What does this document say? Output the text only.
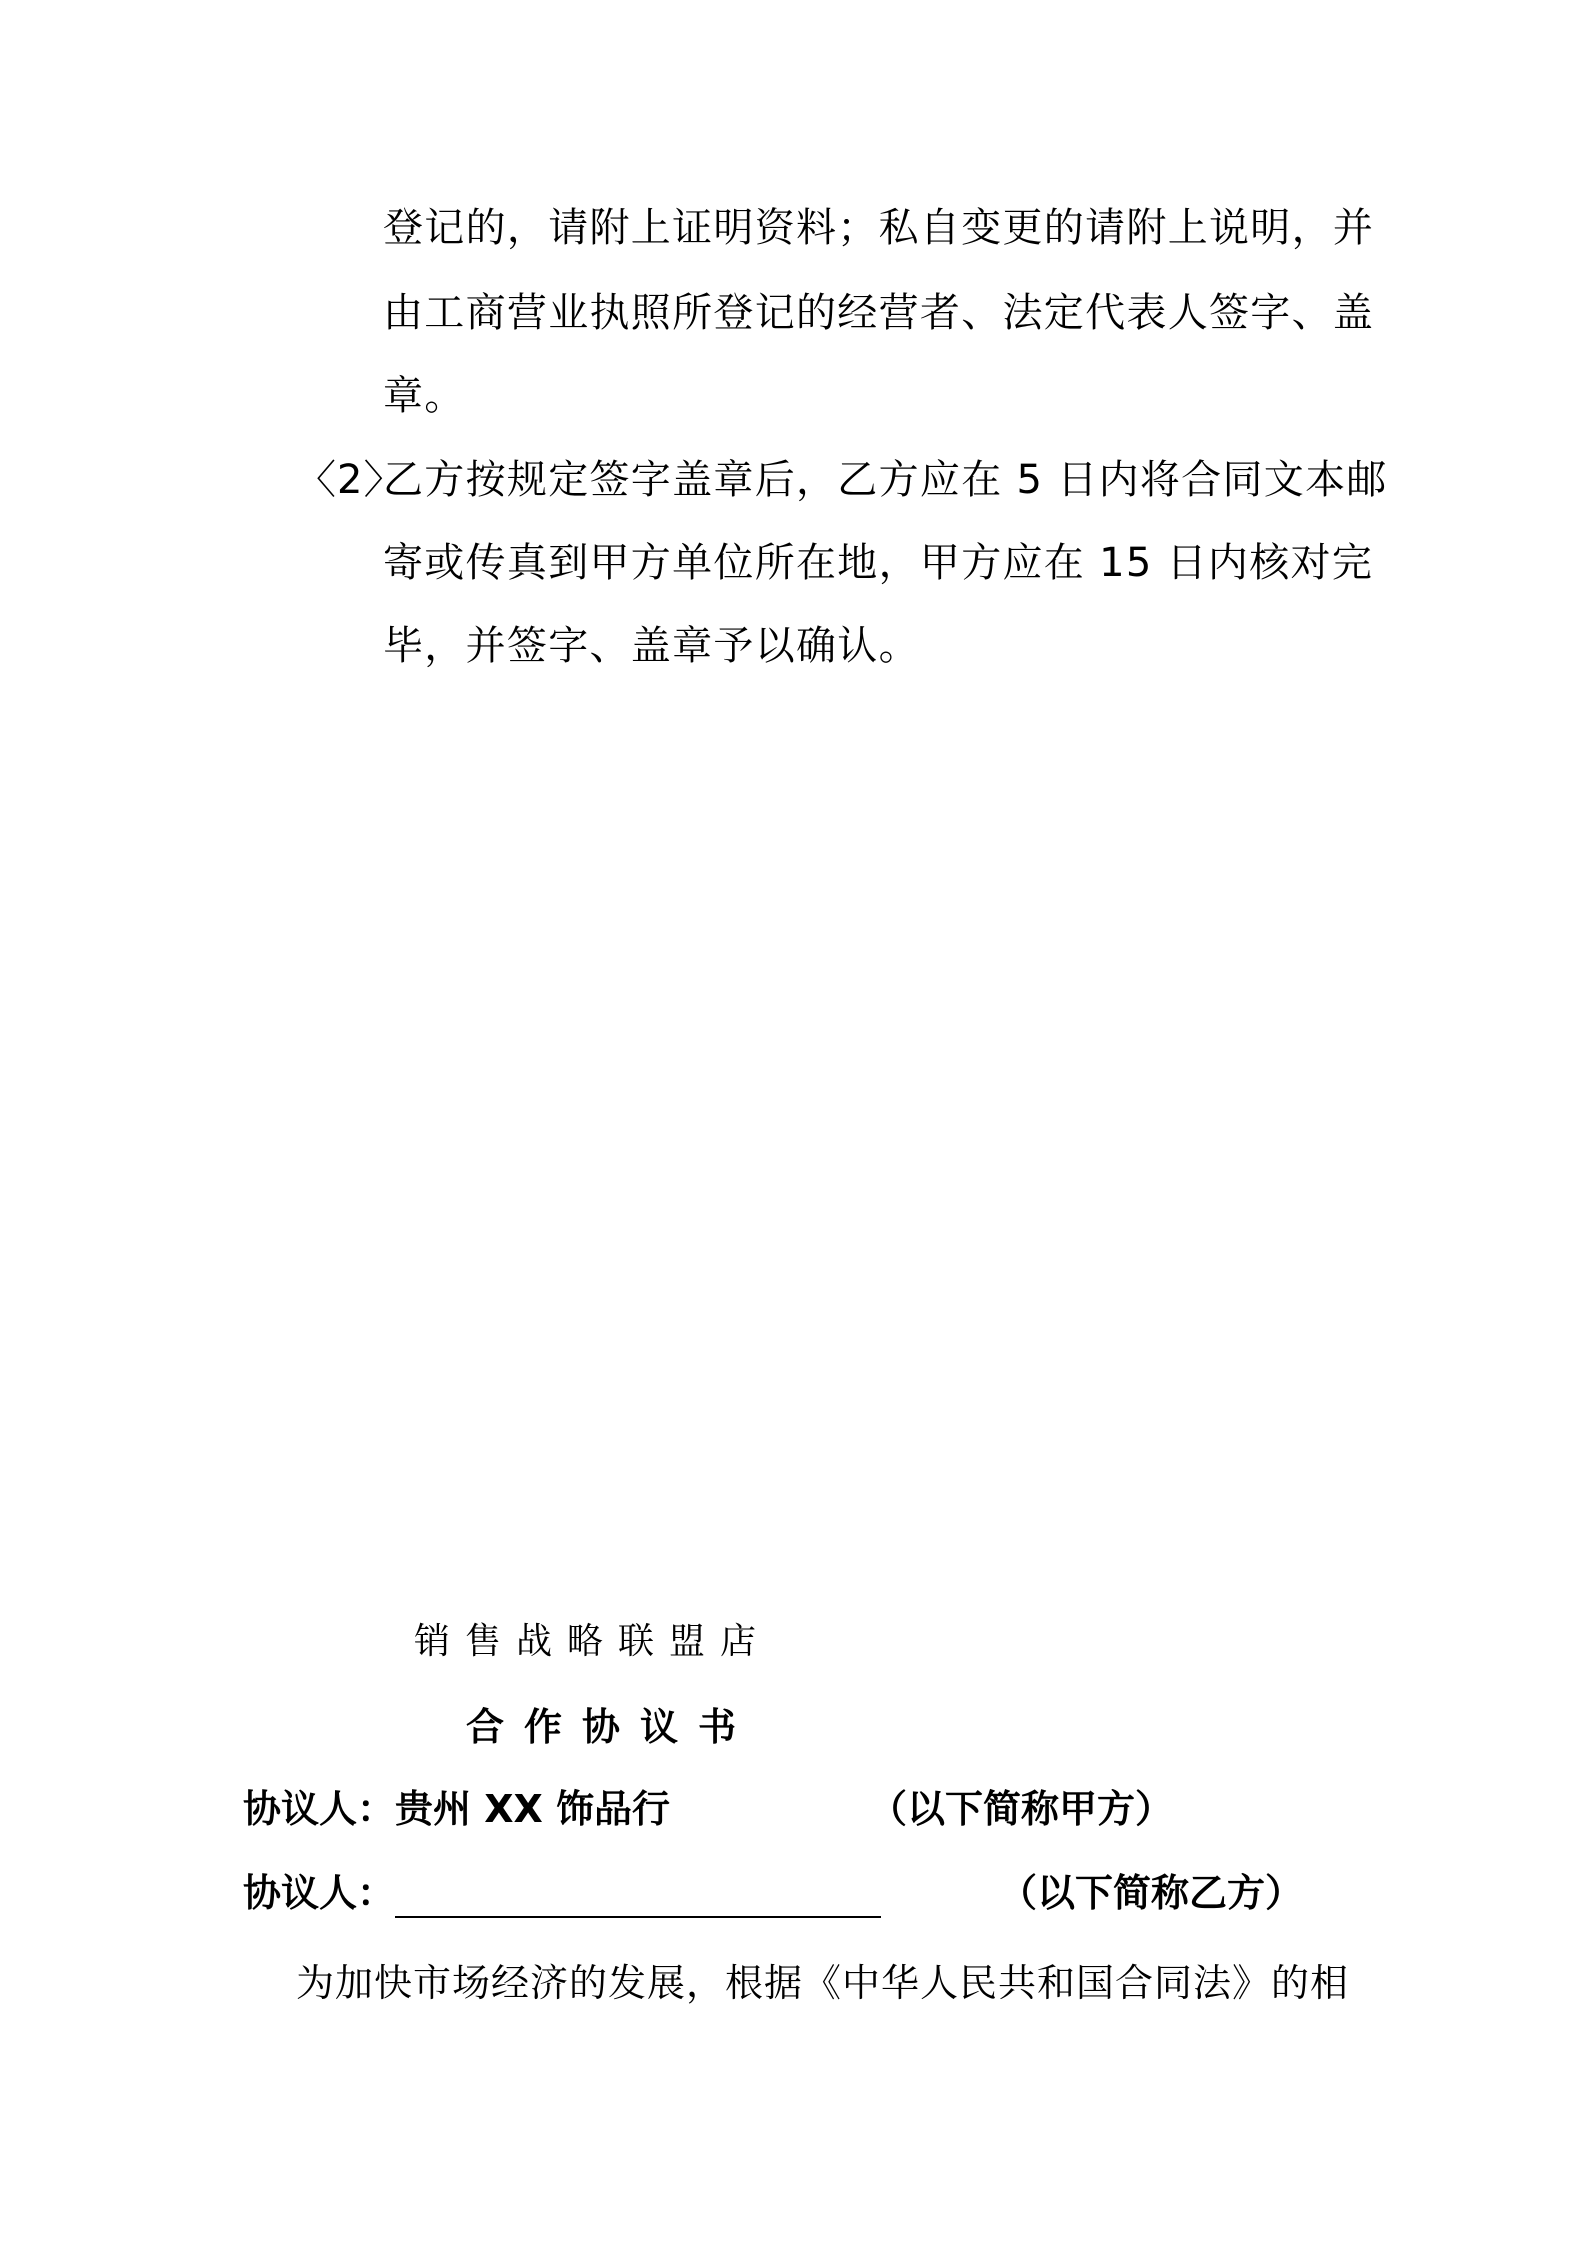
登记的，请附上证明资料；私自变更的请附上说明，并
由工商营业执照所登记的经营者、法定代表人签字、盖
章。
〈2〉
乙方按规定签字盖章后，乙方应在 5 日内将合同文本邮
寄或传真到甲方单位所在地，甲方应在 15 日内核对完
毕，并签字、盖章予以确认。
销售战略联盟店
合作协议书
协议人： 贵州 XX 饰品行	（以下简称甲方）
协议人：	（以下简称乙方）
为加快市场经济的发展，根据《中华人民共和国合同法》的相
